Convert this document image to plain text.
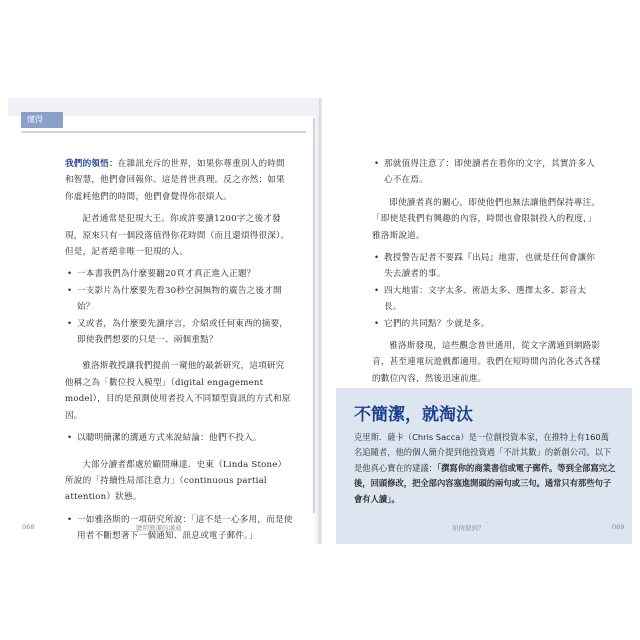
懂得

我們的領悟：在雜訊充斥的世界，如果你尊重別人的時間和智慧，他們會回報你。這是普世真理。反之亦然：如果你虛耗他們的時間，他們會覺得你很煩人。

記者通常是犯規大王。你或許要讀1200字之後才發現，原來只有一個段落值得你花時間（而且還煩得很深）。但是，記者絕非唯一犯規的人。

• 一本書我們為什麼要翻20頁才真正進入正題？
• 一支影片為什麼要先看30秒空洞無物的廣告之後才開始？
• 又或者，為什麼要先讀序言，介紹或任何東西的摘要，即使我們想要的只是一、兩個重點？

雅洛斯教授讓我們提前一窺他的最新研究，這項研究他稱之為「數位投入模型」（digital engagement model），目的是預測使用者投入不同類型資訊的方式和原因。

• 以聰明簡潔的溝通方式來說結論：他們不投入。

大部分讀者都處於顧問琳達．史東（Linda Stone）所說的「持續性局部注意力」（continuous partial attention）狀態。

• 一如雅洛斯的一項研究所說：「這不是一心多用，而是使用者不斷想著下一個通知、訊息或電子郵件。」
068	聰明簡潔的溝通
• 那就值得注意了：即使讀者在看你的文字，其實許多人心不在焉。

即使讀者真的關心，即使他們也無法讓他們保持專注。「即使是我們有興趣的內容，時間也會限制投入的程度，」雅洛斯說道。

• 教授警告記者不要踩『出局』地雷，也就是任何會讓你失去讀者的事。
• 四大地雷：文字太多、術語太多、選擇太多、影音太長。
• 它們的共同點？少就是多。

雅洛斯發現，這些觀念普世通用，從文字溝通到網路影音，甚至連電玩遊戲都適用。我們在短時間內消化各式各樣的數位內容，然後迅速前進。

不簡潔，就淘汰
克里斯．薩卡（Chris Sacca）是一位創投資本家，在推特上有160萬名追隨者，他的個人簡介提到他投資過「不計其數」的新創公司。以下是他真心寶在的建議：「撰寫你的商業書信或電子郵件。等到全部寫完之後，回頭修改，把全部內容塞進開頭的兩句或三句。通常只有那些句子會有人讀」。
如何做到？	069
